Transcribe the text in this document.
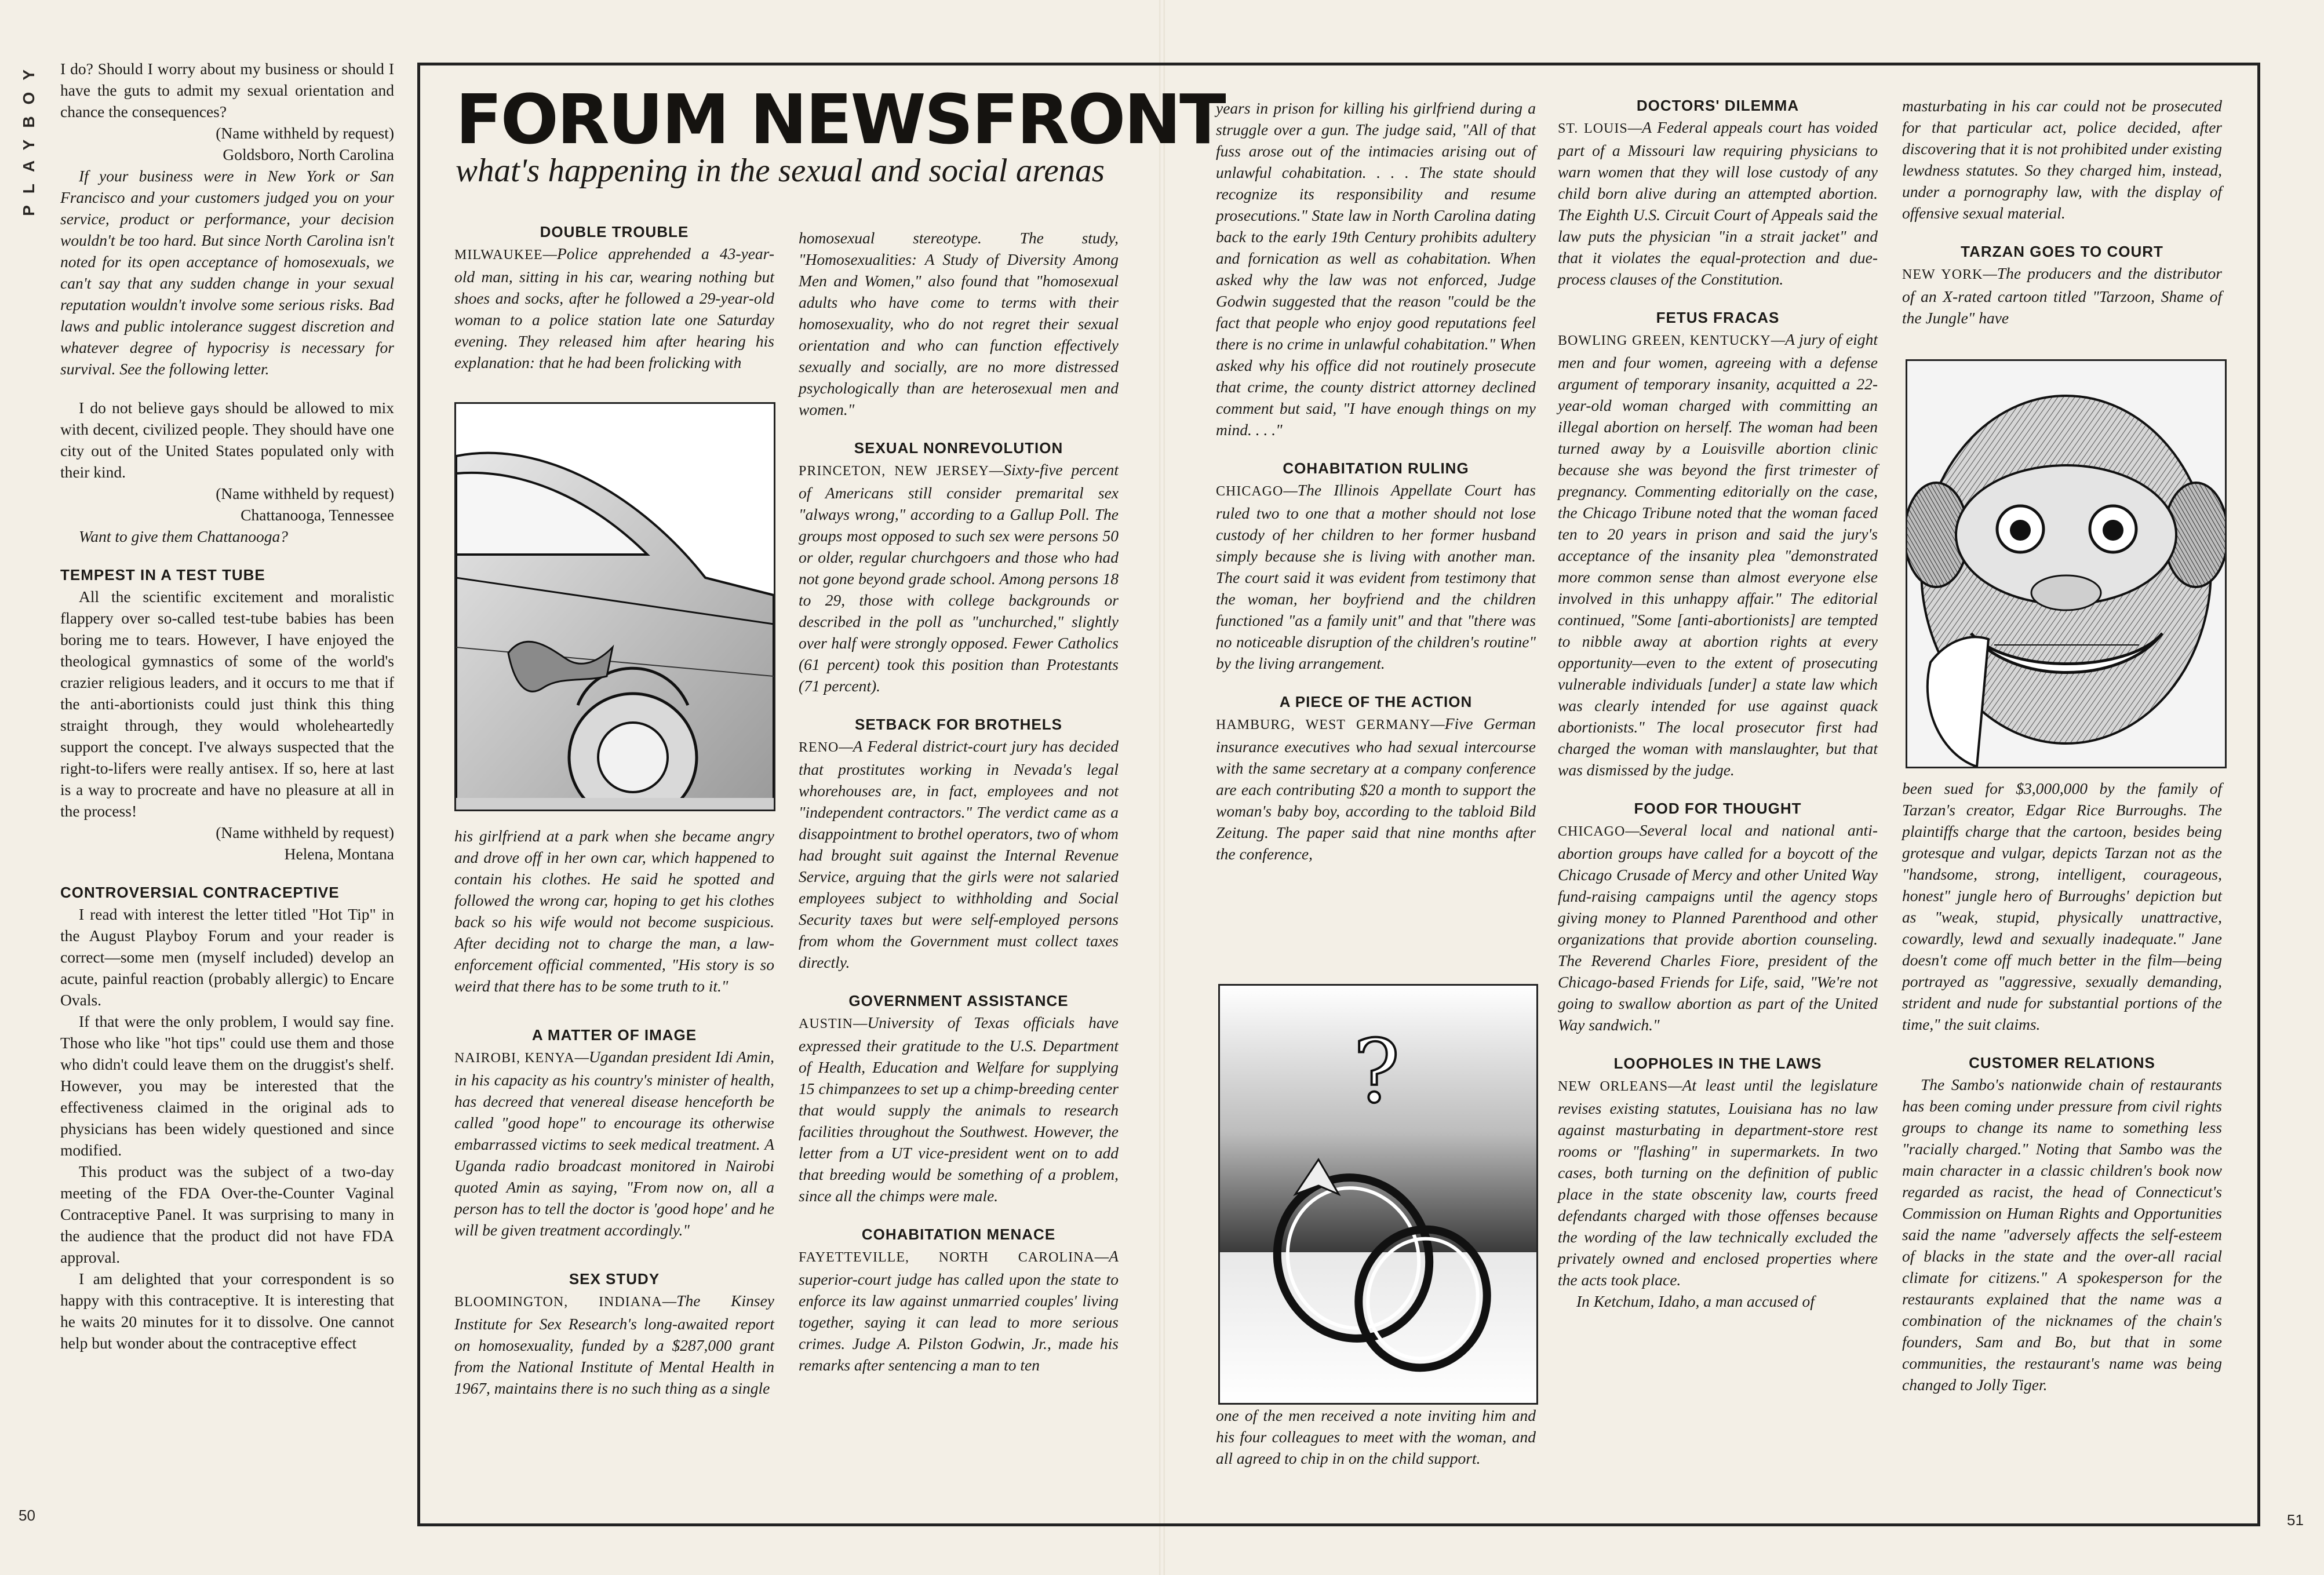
PLAYBOY
50	51

I do? Should I worry about my business or should I have the guts to admit my sexual orientation and chance the consequences?

(Name withheld by request)

Goldsboro, North Carolina

If your business were in New York or San Francisco and your customers judged you on your service, product or performance, your decision wouldn't be too hard. But since North Carolina isn't noted for its open acceptance of homosexuals, we can't say that any sudden change in your sexual reputation wouldn't involve some serious risks. Bad laws and public intolerance suggest discretion and whatever degree of hypocrisy is necessary for survival. See the following letter.

I do not believe gays should be allowed to mix with decent, civilized people. They should have one city out of the United States populated only with their kind.

(Name withheld by request)

Chattanooga, Tennessee

Want to give them Chattanooga?

TEMPEST IN A TEST TUBE

All the scientific excitement and moralistic flappery over so-called test-tube babies has been boring me to tears. However, I have enjoyed the theological gymnastics of some of the world's crazier religious leaders, and it occurs to me that if the anti-abortionists could just think this thing straight through, they would wholeheartedly support the concept. I've always suspected that the right-to-lifers were really antisex. If so, here at last is a way to procreate and have no pleasure at all in the process!

(Name withheld by request)

Helena, Montana

CONTROVERSIAL CONTRACEPTIVE

I read with interest the letter titled "Hot Tip" in the August Playboy Forum and your reader is correct—some men (myself included) develop an acute, painful reaction (probably allergic) to Encare Ovals.

If that were the only problem, I would say fine. Those who like "hot tips" could use them and those who didn't could leave them on the druggist's shelf. However, you may be interested that the effectiveness claimed in the original ads to physicians has been widely questioned and since modified.

This product was the subject of a two-day meeting of the FDA Over-the-Counter Vaginal Contraceptive Panel. It was surprising to many in the audience that the product did not have FDA approval.

I am delighted that your correspondent is so happy with this contraceptive. It is interesting that he waits 20 minutes for it to dissolve. One cannot help but wonder about the contraceptive effect

FORUM NEWSFRONT
what's happening in the sexual and social arenas

DOUBLE TROUBLE

MILWAUKEE—Police apprehended a 43-year-old man, sitting in his car, wearing nothing but shoes and socks, after he followed a 29-year-old woman to a police station late one Saturday evening. They released him after hearing his explanation: that he had been frolicking with

his girlfriend at a park when she became angry and drove off in her own car, which happened to contain his clothes. He said he spotted and followed the wrong car, hoping to get his clothes back so his wife would not become suspicious. After deciding not to charge the man, a law-enforcement official commented, "His story is so weird that there has to be some truth to it."

A MATTER OF IMAGE

NAIROBI, KENYA—Ugandan president Idi Amin, in his capacity as his country's minister of health, has decreed that venereal disease henceforth be called "good hope" to encourage its otherwise embarrassed victims to seek medical treatment. A Uganda radio broadcast monitored in Nairobi quoted Amin as saying, "From now on, all a person has to tell the doctor is 'good hope' and he will be given treatment accordingly."

SEX STUDY

BLOOMINGTON, INDIANA—The Kinsey Institute for Sex Research's long-awaited report on homosexuality, funded by a $287,000 grant from the National Institute of Mental Health in 1967, maintains there is no such thing as a single

homosexual stereotype. The study, "Homosexualities: A Study of Diversity Among Men and Women," also found that "homosexual adults who have come to terms with their homosexuality, who do not regret their sexual orientation and who can function effectively sexually and socially, are no more distressed psychologically than are heterosexual men and women."

SEXUAL NONREVOLUTION

PRINCETON, NEW JERSEY—Sixty-five percent of Americans still consider premarital sex "always wrong," according to a Gallup Poll. The groups most opposed to such sex were persons 50 or older, regular churchgoers and those who had not gone beyond grade school. Among persons 18 to 29, those with college backgrounds or described in the poll as "unchurched," slightly over half were strongly opposed. Fewer Catholics (61 percent) took this position than Protestants (71 percent).

SETBACK FOR BROTHELS

RENO—A Federal district-court jury has decided that prostitutes working in Nevada's legal whorehouses are, in fact, employees and not "independent contractors." The verdict came as a disappointment to brothel operators, two of whom had brought suit against the Internal Revenue Service, arguing that the girls were not salaried employees subject to withholding and Social Security taxes but were self-employed persons from whom the Government must collect taxes directly.

GOVERNMENT ASSISTANCE

AUSTIN—University of Texas officials have expressed their gratitude to the U.S. Department of Health, Education and Welfare for supplying 15 chimpanzees to set up a chimp-breeding center that would supply the animals to research facilities throughout the Southwest. However, the letter from a UT vice-president went on to add that breeding would be something of a problem, since all the chimps were male.

COHABITATION MENACE

FAYETTEVILLE, NORTH CAROLINA—A superior-court judge has called upon the state to enforce its law against unmarried couples' living together, saying it can lead to more serious crimes. Judge A. Pilston Godwin, Jr., made his remarks after sentencing a man to ten

years in prison for killing his girlfriend during a struggle over a gun. The judge said, "All of that fuss arose out of the intimacies arising out of unlawful cohabitation. . . . The state should recognize its responsibility and resume prosecutions." State law in North Carolina dating back to the early 19th Century prohibits adultery and fornication as well as cohabitation. When asked why the law was not enforced, Judge Godwin suggested that the reason "could be the fact that people who enjoy good reputations feel there is no crime in unlawful cohabitation." When asked why his office did not routinely prosecute that crime, the county district attorney declined comment but said, "I have enough things on my mind. . . ."

COHABITATION RULING

CHICAGO—The Illinois Appellate Court has ruled two to one that a mother should not lose custody of her children to her former husband simply because she is living with another man. The court said it was evident from testimony that the woman, her boyfriend and the children functioned "as a family unit" and that "there was no noticeable disruption of the children's routine" by the living arrangement.

A PIECE OF THE ACTION

HAMBURG, WEST GERMANY—Five German insurance executives who had sexual intercourse with the same secretary at a company conference are each contributing $20 a month to support the woman's baby boy, according to the tabloid Bild Zeitung. The paper said that nine months after the conference,

?

one of the men received a note inviting him and his four colleagues to meet with the woman, and all agreed to chip in on the child support.

DOCTORS' DILEMMA

ST. LOUIS—A Federal appeals court has voided part of a Missouri law requiring physicians to warn women that they will lose custody of any child born alive during an attempted abortion. The Eighth U.S. Circuit Court of Appeals said the law puts the physician "in a strait jacket" and that it violates the equal-protection and due-process clauses of the Constitution.

FETUS FRACAS

BOWLING GREEN, KENTUCKY—A jury of eight men and four women, agreeing with a defense argument of temporary insanity, acquitted a 22-year-old woman charged with committing an illegal abortion on herself. The woman had been turned away by a Louisville abortion clinic because she was beyond the first trimester of pregnancy. Commenting editorially on the case, the Chicago Tribune noted that the woman faced ten to 20 years in prison and said the jury's acceptance of the insanity plea "demonstrated more common sense than almost everyone else involved in this unhappy affair." The editorial continued, "Some [anti-abortionists] are tempted to nibble away at abortion rights at every opportunity—even to the extent of prosecuting vulnerable individuals [under] a state law which was clearly intended for use against quack abortionists." The local prosecutor first had charged the woman with manslaughter, but that was dismissed by the judge.

FOOD FOR THOUGHT

CHICAGO—Several local and national anti-abortion groups have called for a boycott of the Chicago Crusade of Mercy and other United Way fund-raising campaigns until the agency stops giving money to Planned Parenthood and other organizations that provide abortion counseling. The Reverend Charles Fiore, president of the Chicago-based Friends for Life, said, "We're not going to swallow abortion as part of the United Way sandwich."

LOOPHOLES IN THE LAWS

NEW ORLEANS—At least until the legislature revises existing statutes, Louisiana has no law against masturbating in department-store rest rooms or "flashing" in supermarkets. In two cases, both turning on the definition of public place in the state obscenity law, courts freed defendants charged with those offenses because the wording of the law technically excluded the privately owned and enclosed properties where the acts took place.

In Ketchum, Idaho, a man accused of

masturbating in his car could not be prosecuted for that particular act, police decided, after discovering that it is not prohibited under existing lewdness statutes. So they charged him, instead, under a pornography law, with the display of offensive sexual material.

TARZAN GOES TO COURT

NEW YORK—The producers and the distributor of an X-rated cartoon titled "Tarzoon, Shame of the Jungle" have

been sued for $3,000,000 by the family of Tarzan's creator, Edgar Rice Burroughs. The plaintiffs charge that the cartoon, besides being grotesque and vulgar, depicts Tarzan not as the "handsome, strong, intelligent, courageous, honest" jungle hero of Burroughs' depiction but as "weak, stupid, physically unattractive, cowardly, lewd and sexually inadequate." Jane doesn't come off much better in the film—being portrayed as "aggressive, sexually demanding, strident and nude for substantial portions of the time," the suit claims.

CUSTOMER RELATIONS

The Sambo's nationwide chain of restaurants has been coming under pressure from civil rights groups to change its name to something less "racially charged." Noting that Sambo was the main character in a classic children's book now regarded as racist, the head of Connecticut's Commission on Human Rights and Opportunities said the name "adversely affects the self-esteem of blacks in the state and the over-all racial climate for citizens." A spokesperson for the restaurants explained that the name was a combination of the nicknames of the chain's founders, Sam and Bo, but that in some communities, the restaurant's name was being changed to Jolly Tiger.
